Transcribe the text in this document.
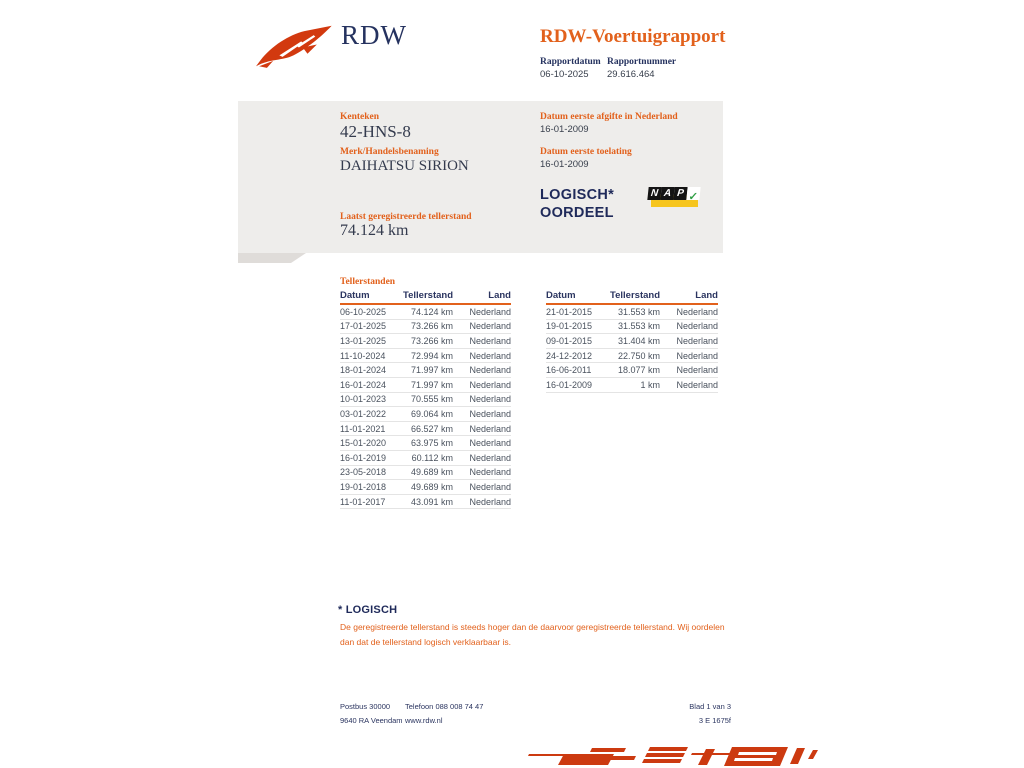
RDW	RDW-Voertuigrapport
Rapportdatum Rapportnummer
06-10-2025 29.616.464
Kenteken
42-HNS-8
Merk/Handelsbenaming
DAIHATSU SIRION
Laatst geregistreerde tellerstand
74.124 km
Datum eerste afgifte in Nederland
16-01-2009
Datum eerste toelating
16-01-2009
LOGISCH*
OORDEEL
N A P ✓
Tellerstanden
Datum	Tellerstand	Land
06-10-2025	74.124 km	Nederland
17-01-2025	73.266 km	Nederland
13-01-2025	73.266 km	Nederland
11-10-2024	72.994 km	Nederland
18-01-2024	71.997 km	Nederland
16-01-2024	71.997 km	Nederland
10-01-2023	70.555 km	Nederland
03-01-2022	69.064 km	Nederland
11-01-2021	66.527 km	Nederland
15-01-2020	63.975 km	Nederland
16-01-2019	60.112 km	Nederland
23-05-2018	49.689 km	Nederland
19-01-2018	49.689 km	Nederland
11-01-2017	43.091 km	Nederland
Datum	Tellerstand	Land
21-01-2015	31.553 km	Nederland
19-01-2015	31.553 km	Nederland
09-01-2015	31.404 km	Nederland
24-12-2012	22.750 km	Nederland
16-06-2011	18.077 km	Nederland
16-01-2009	1 km	Nederland
* LOGISCH
De geregistreerde tellerstand is steeds hoger dan de daarvoor geregistreerde tellerstand. Wij oordelen dan dat de tellerstand logisch verklaarbaar is.
Postbus 30000
9640 RA Veendam
Telefoon 088 008 74 47
www.rdw.nl
Blad 1 van 3
3 E 1675f
